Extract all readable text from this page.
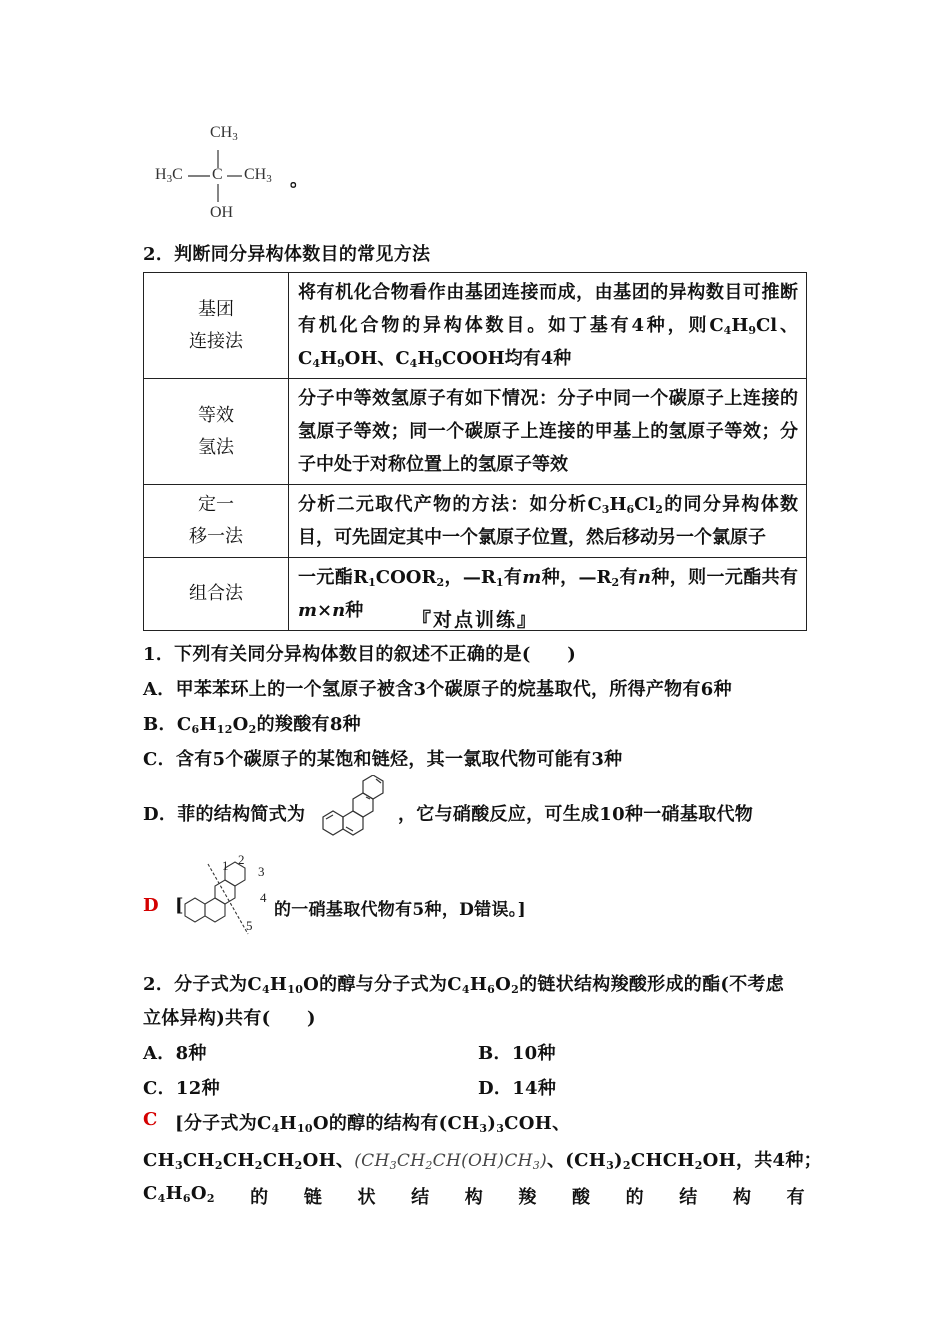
$CH_3$
$H_3C$ C $CH_3$
OH
。
2．判断同分异构体数目的常见方法
基团
连接法	将有机化合物看作由基团连接而成，由基团的异构数目可推断有机化合物的异构体数目。如丁基有4种，则$C_4H_9Cl$、$C_4H_9OH$、$C_4H_9COOH$均有4种

等效
氢法	分子中等效氢原子有如下情况：分子中同一个碳原子上连接的氢原子等效；同一个碳原子上连接的甲基上的氢原子等效；分子中处于对称位置上的氢原子等效

定一
移一法	分析二元取代产物的方法：如分析$C_3H_6Cl_2$的同分异构体数目，可先固定其中一个氯原子位置，然后移动另一个氯原子

组合法	一元酯$R_1COOR_2$，$—R_1$有m种，$—R_2$有n种，则一元酯共有m×n种	『对点训练』
1．下列有关同分异构体数目的叙述不正确的是(　　)
A．甲苯苯环上的一个氢原子被含3个碳原子的烷基取代，所得产物有6种
B．$C_6H_{12}O_2$的羧酸有8种
C．含有5个碳原子的某饱和链烃，其一氯取代物可能有3种
D．菲的结构简式为	，它与硝酸反应，可生成10种一硝基取代物
D [
1 2
3
4
5
的一硝基取代物有5种，D错误。]
2．分子式为$C_4H_{10}O$的醇与分子式为$C_4H_6O_2$的链状结构羧酸形成的酯(不考虑
立体异构)共有(　　)
A．8种	B．10种
C．12种	D．14种
C [分子式为$C_4H_{10}O$的醇的结构有$(CH_3)_3COH$、
$CH_3CH_2CH_2CH_2OH$、$(CH_3CH_2CH(OH)CH_3)$、$(CH_3)_2CHCH_2OH$，共4种；
$C_4H_6O_2$ 的 链 状 结 构 羧 酸 的 结 构 有
